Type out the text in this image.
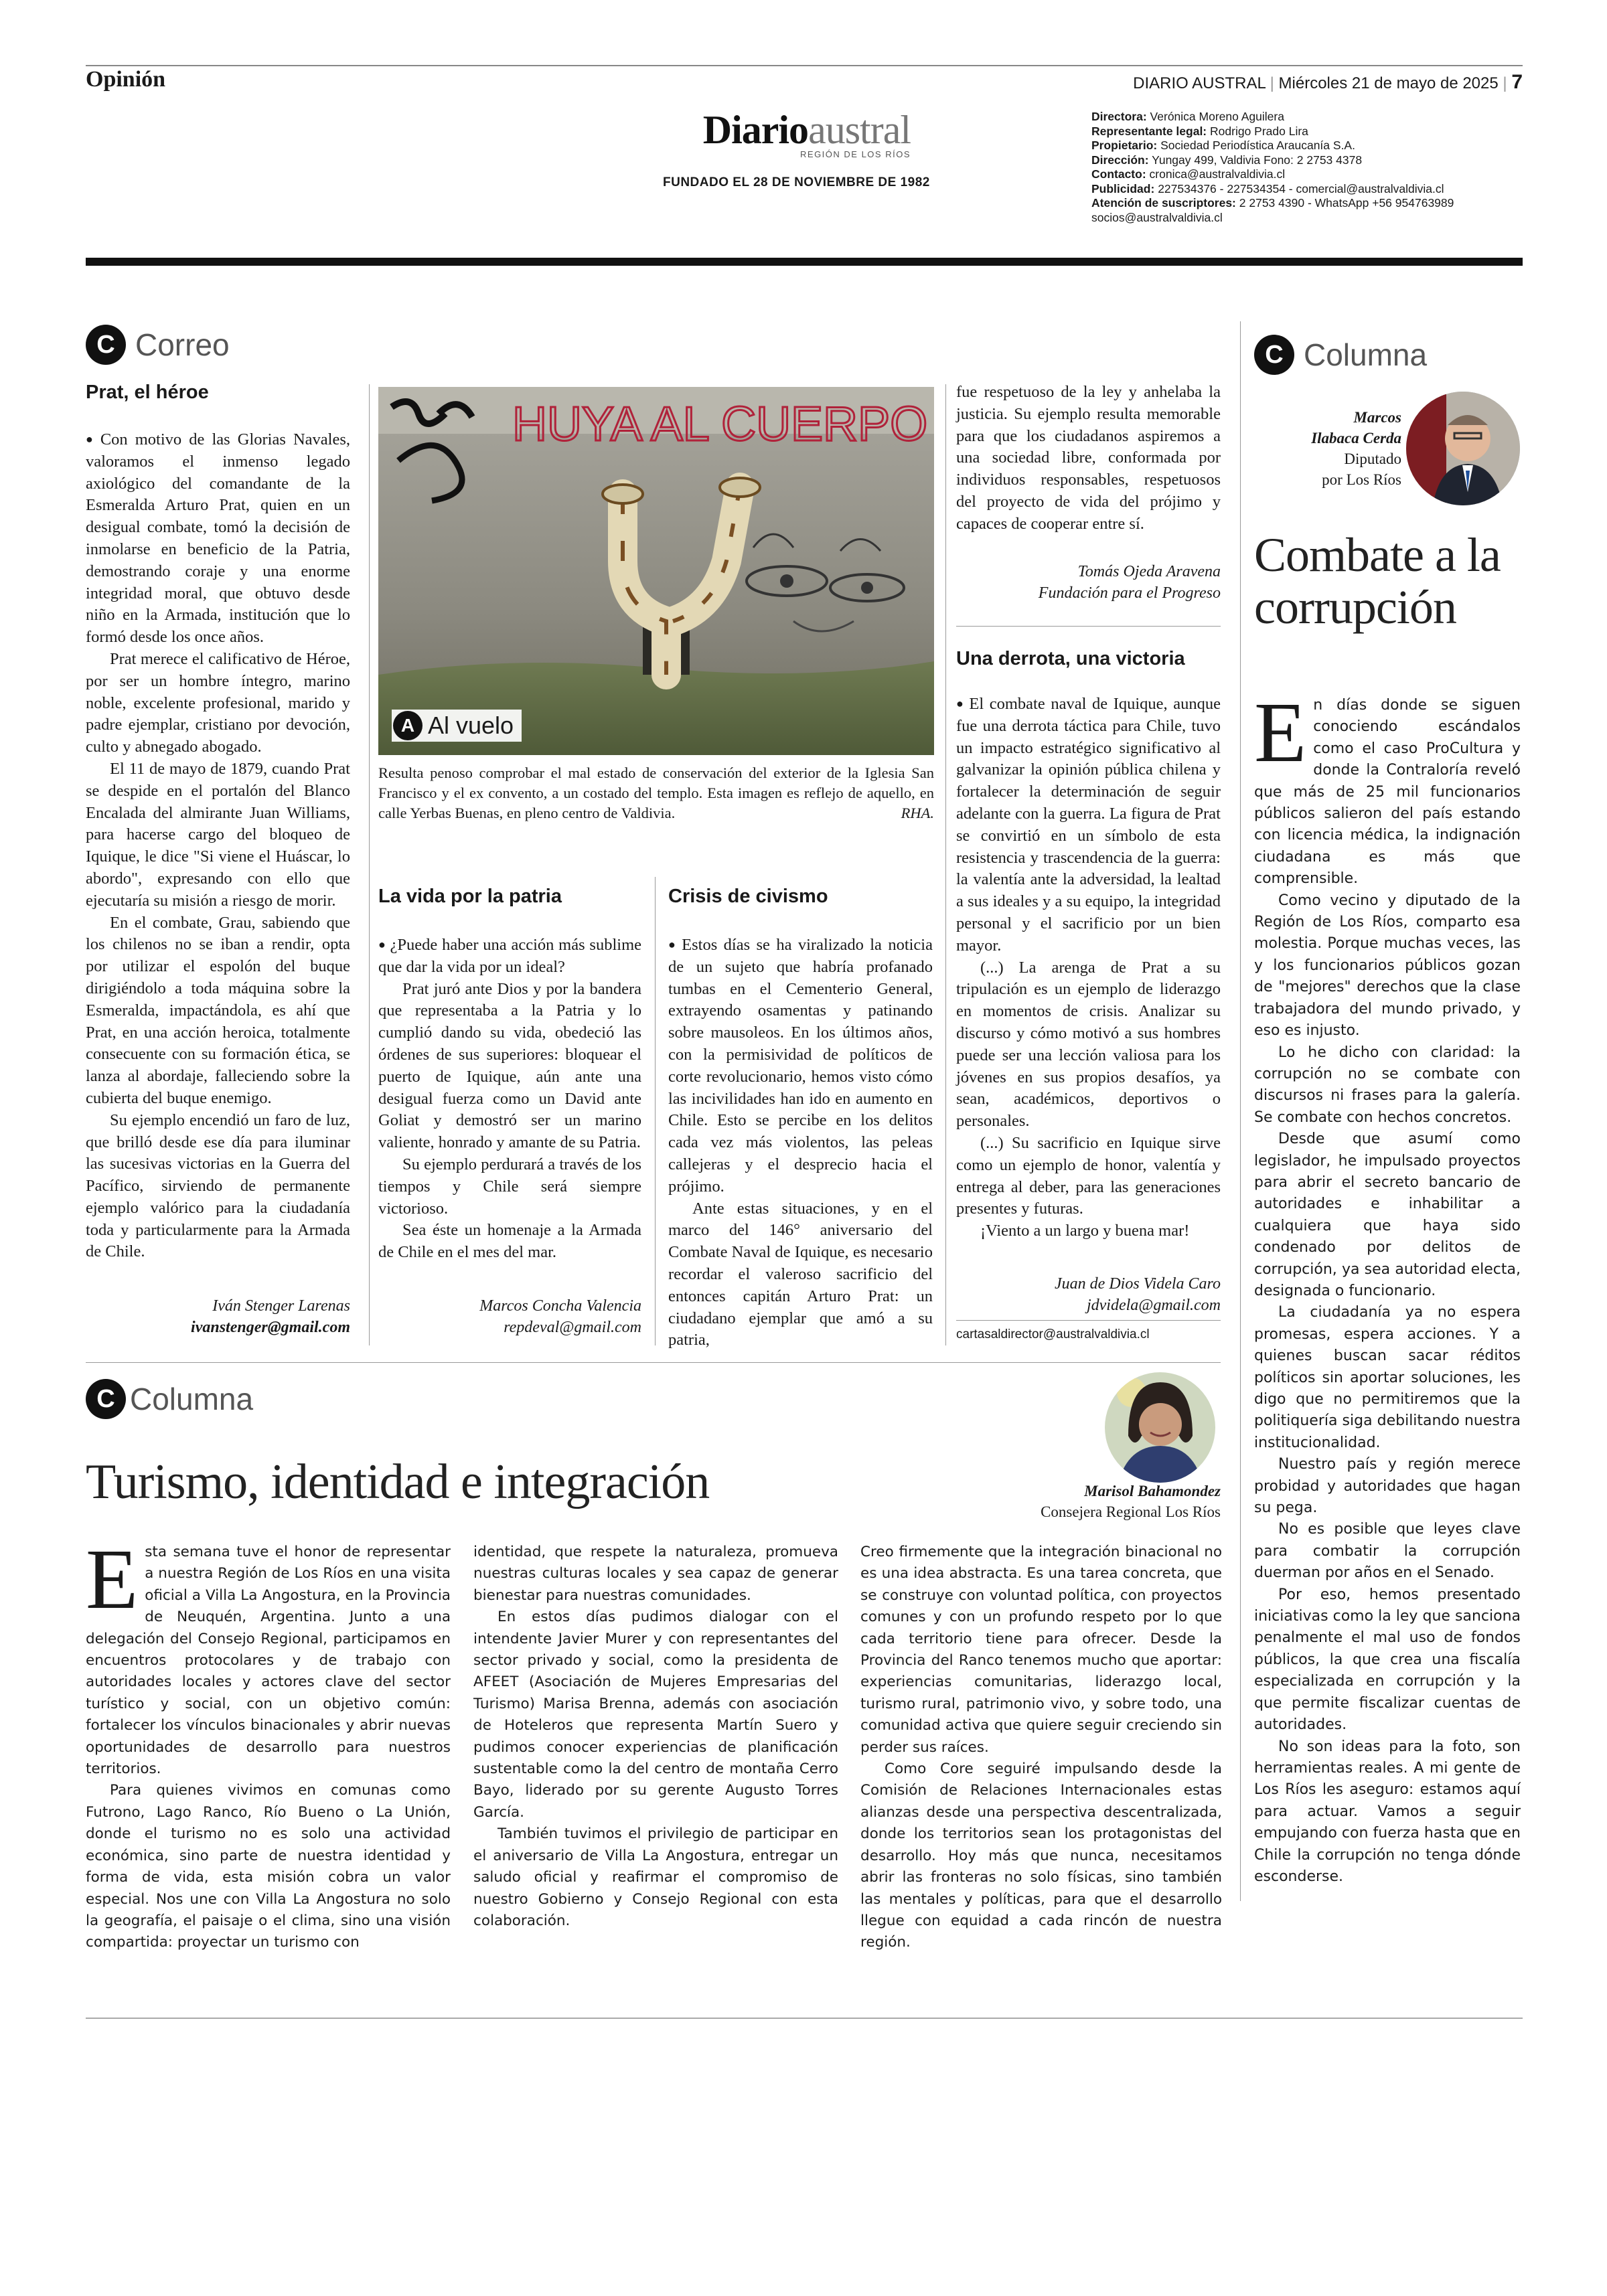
Opinión	DIARIO AUSTRAL | Miércoles 21 de mayo de 2025 | 7
Diarioaustral
REGIÓN DE LOS RÍOS
FUNDADO EL 28 DE NOVIEMBRE DE 1982
Directora: Verónica Moreno Aguilera
Representante legal: Rodrigo Prado Lira
Propietario: Sociedad Periodística Araucanía S.A.
Dirección: Yungay 499, Valdivia Fono: 2 2753 4378
Contacto: cronica@australvaldivia.cl
Publicidad: 227534376 - 227534354 - comercial@australvaldivia.cl
Atención de suscriptores: 2 2753 4390 - WhatsApp +56 954763989
socios@australvaldivia.cl
C Correo
Prat, el héroe

● Con motivo de las Glorias Navales, valoramos el inmenso legado axiológico del comandante de la Esmeralda Arturo Prat, quien en un desigual combate, tomó la decisión de inmolarse en beneficio de la Patria, demostrando coraje y una enorme integridad moral, que obtuvo desde niño en la Armada, institución que lo formó desde los once años.

Prat merece el calificativo de Héroe, por ser un hombre íntegro, marino noble, excelente profesional, marido y padre ejemplar, cristiano por devoción, culto y abnegado abogado.

El 11 de mayo de 1879, cuando Prat se despide en el portalón del Blanco Encalada del almirante Juan Williams, para hacerse cargo del bloqueo de Iquique, le dice "Si viene el Huáscar, lo abordo", expresando con ello que ejecutaría su misión a riesgo de morir.

En el combate, Grau, sabiendo que los chilenos no se iban a rendir, opta por utilizar el espolón del buque dirigiéndolo a toda máquina sobre la Esmeralda, impactándola, es ahí que Prat, en una acción heroica, totalmente consecuente con su formación ética, se lanza al abordaje, falleciendo sobre la cubierta del buque enemigo.

Su ejemplo encendió un faro de luz, que brilló desde ese día para iluminar las sucesivas victorias en la Guerra del Pacífico, sirviendo de permanente ejemplo valórico para la ciudadanía toda y particularmente para la Armada de Chile.

Iván Stenger Larenas
ivanstenger@gmail.com
HUYA AL CUERPO
A Al vuelo
Resulta penoso comprobar el mal estado de conservación del exterior de la Iglesia San Francisco y el ex convento, a un costado del templo. Esta imagen es reflejo de aquello, en calle Yerbas Buenas, en pleno centro de Valdivia.	RHA.
La vida por la patria

● ¿Puede haber una acción más sublime que dar la vida por un ideal?

Prat juró ante Dios y por la bandera que representaba a la Patria y lo cumplió dando su vida, obedeció las órdenes de sus superiores: bloquear el puerto de Iquique, aún ante una desigual fuerza como un David ante Goliat y demostró ser un marino valiente, honrado y amante de su Patria.

Su ejemplo perdurará a través de los tiempos y Chile será siempre victorioso.

Sea éste un homenaje a la Armada de Chile en el mes del mar.

Marcos Concha Valencia
repdeval@gmail.com
Crisis de civismo

● Estos días se ha viralizado la noticia de un sujeto que habría profanado tumbas en el Cementerio General, extrayendo osamentas y patinando sobre mausoleos. En los últimos años, con la permisividad de políticos de corte revolucionario, hemos visto cómo las incivilidades han ido en aumento en Chile. Esto se percibe en los delitos cada vez más violentos, las peleas callejeras y el desprecio hacia el prójimo.

Ante estas situaciones, y en el marco del 146° aniversario del Combate Naval de Iquique, es necesario recordar el valeroso sacrificio del entonces capitán Arturo Prat: un ciudadano ejemplar que amó a su patria,

fue respetuoso de la ley y anhelaba la justicia. Su ejemplo resulta memorable para que los ciudadanos aspiremos a una sociedad libre, conformada por individuos responsables, respetuosos del proyecto de vida del prójimo y capaces de cooperar entre sí.

Tomás Ojeda Aravena
Fundación para el Progreso
Una derrota, una victoria

● El combate naval de Iquique, aunque fue una derrota táctica para Chile, tuvo un impacto estratégico significativo al galvanizar la opinión pública chilena y fortalecer la determinación de seguir adelante con la guerra. La figura de Prat se convirtió en un símbolo de esta resistencia y trascendencia de la guerra: la valentía ante la adversidad, la lealtad a sus ideales y a su equipo, la integridad personal y el sacrificio por un bien mayor.

(...) La arenga de Prat a su tripulación es un ejemplo de liderazgo en momentos de crisis. Analizar su discurso y cómo motivó a sus hombres puede ser una lección valiosa para los jóvenes en sus propios desafíos, ya sean, académicos, deportivos o personales.

(...) Su sacrificio en Iquique sirve como un ejemplo de honor, valentía y entrega al deber, para las generaciones presentes y futuras.

¡Viento a un largo y buena mar!

Juan de Dios Videla Caro
jdvidela@gmail.com
cartasaldirector@australvaldivia.cl
C Columna
Marcos
Ilabaca Cerda
Diputado
por Los Ríos
Combate a la
corrupción
E n días donde se siguen conociendo escándalos como el caso ProCultura y donde la Contraloría reveló que más de 25 mil funcionarios públicos salieron del país estando con licencia médica, la indignación ciudadana es más que comprensible.

Como vecino y diputado de la Región de Los Ríos, comparto esa molestia. Porque muchas veces, las y los funcionarios públicos gozan de "mejores" derechos que la clase trabajadora del mundo privado, y eso es injusto.

Lo he dicho con claridad: la corrupción no se combate con discursos ni frases para la galería. Se combate con hechos concretos.

Desde que asumí como legislador, he impulsado proyectos para abrir el secreto bancario de autoridades e inhabilitar a cualquiera que haya sido condenado por delitos de corrupción, ya sea autoridad electa, designada o funcionario.

La ciudadanía ya no espera promesas, espera acciones. Y a quienes buscan sacar réditos políticos sin aportar soluciones, les digo que no permitiremos que la politiquería siga debilitando nuestra institucionalidad.

Nuestro país y región merece probidad y autoridades que hagan su pega.

No es posible que leyes clave para combatir la corrupción duerman por años en el Senado.

Por eso, hemos presentado iniciativas como la ley que sanciona penalmente el mal uso de fondos públicos, la que crea una fiscalía especializada en corrupción y la que permite fiscalizar cuentas de autoridades.

No son ideas para la foto, son herramientas reales. A mi gente de Los Ríos les aseguro: estamos aquí para actuar. Vamos a seguir empujando con fuerza hasta que en Chile la corrupción no tenga dónde esconderse.

C Columna
Turismo, identidad e integración	Marisol Bahamondez
Consejera Regional Los Ríos
E sta semana tuve el honor de representar a nuestra Región de Los Ríos en una visita oficial a Villa La Angostura, en la Provincia de Neuquén, Argentina. Junto a una delegación del Consejo Regional, participamos en encuentros protocolares y de trabajo con autoridades locales y actores clave del sector turístico y social, con un objetivo común: fortalecer los vínculos binacionales y abrir nuevas oportunidades de desarrollo para nuestros territorios.

Para quienes vivimos en comunas como Futrono, Lago Ranco, Río Bueno o La Unión, donde el turismo no es solo una actividad económica, sino parte de nuestra identidad y forma de vida, esta misión cobra un valor especial. Nos une con Villa La Angostura no solo la geografía, el paisaje o el clima, sino una visión compartida: proyectar un turismo con

identidad, que respete la naturaleza, promueva nuestras culturas locales y sea capaz de generar bienestar para nuestras comunidades.

En estos días pudimos dialogar con el intendente Javier Murer y con representantes del sector privado y social, como la presidenta de AFEET (Asociación de Mujeres Empresarias del Turismo) Marisa Brenna, además con asociación de Hoteleros que representa Martín Suero y pudimos conocer experiencias de planificación sustentable como la del centro de montaña Cerro Bayo, liderado por su gerente Augusto Torres García.

También tuvimos el privilegio de participar en el aniversario de Villa La Angostura, entregar un saludo oficial y reafirmar el compromiso de nuestro Gobierno y Consejo Regional con esta colaboración.

Creo firmemente que la integración binacional no es una idea abstracta. Es una tarea concreta, que se construye con voluntad política, con proyectos comunes y con un profundo respeto por lo que cada territorio tiene para ofrecer. Desde la Provincia del Ranco tenemos mucho que aportar: experiencias comunitarias, liderazgo local, turismo rural, patrimonio vivo, y sobre todo, una comunidad activa que quiere seguir creciendo sin perder sus raíces.

Como Core seguiré impulsando desde la Comisión de Relaciones Internacionales estas alianzas desde una perspectiva descentralizada, donde los territorios sean los protagonistas del desarrollo. Hoy más que nunca, necesitamos abrir las fronteras no solo físicas, sino también las mentales y políticas, para que el desarrollo llegue con equidad a cada rincón de nuestra región.
